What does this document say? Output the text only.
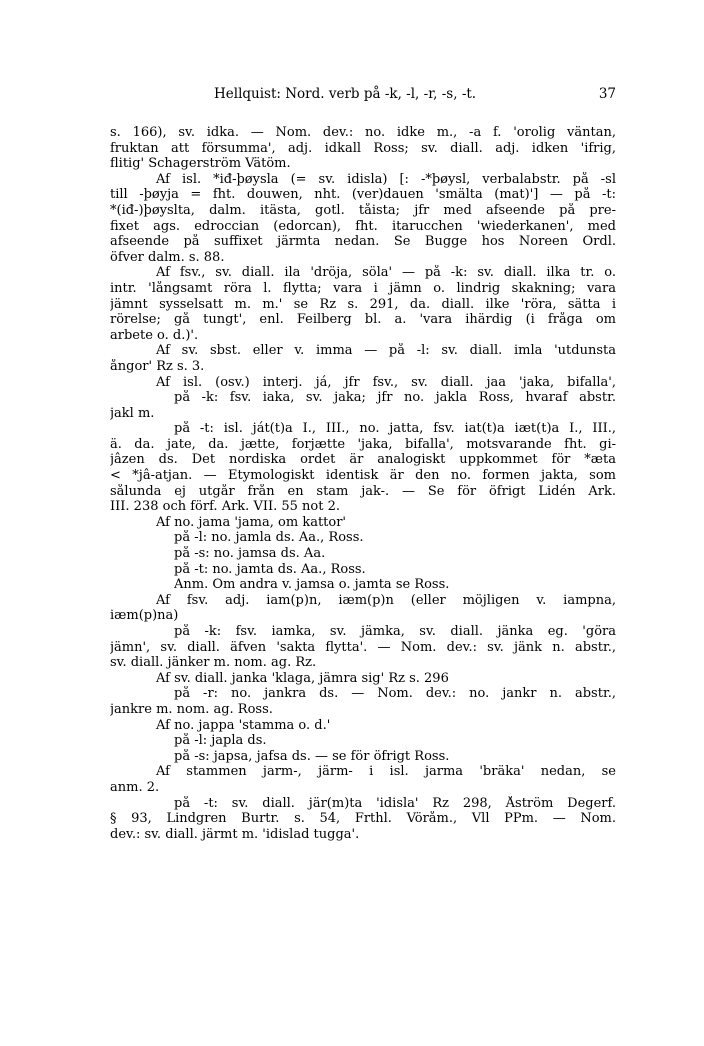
Hellquist: Nord. verb på -k, -l, -r, -s, -t.	37
s. 166), sv. idka. — Nom. dev.: no. idke m., -a f. 'orolig väntan,
fruktan att försumma', adj. idkall Ross; sv. diall. adj. idken 'ifrig,
flitig' Schagerström Vätöm.
Af isl. *iđ-þøysla (= sv. idisla) [: -*þøysl, verbalabstr. på -sl
till -þøyja = fht. douwen, nht. (ver)dauen 'smälta (mat)'] — på -t:
*(iđ-)þøyslta, dalm. itästa, gotl. tåista; jfr med afseende på pre-
fixet ags. edroccian (edorcan), fht. itarucchen 'wiederkanen', med
afseende på suffixet järmta nedan. Se Bugge hos Noreen Ordl.
öfver dalm. s. 88.
Af fsv., sv. diall. ila 'dröja, söla' — på -k: sv. diall. ilka tr. o.
intr. 'långsamt röra l. flytta; vara i jämn o. lindrig skakning; vara
jämnt sysselsatt m. m.' se Rz s. 291, da. diall. ilke 'röra, sätta i
rörelse; gå tungt', enl. Feilberg bl. a. 'vara ihärdig (i fråga om
arbete o. d.)'.
Af sv. sbst. eller v. imma — på -l: sv. diall. imla 'utdunsta
ångor' Rz s. 3.
Af isl. (osv.) interj. já, jfr fsv., sv. diall. jaa 'jaka, bifalla',
på -k: fsv. iaka, sv. jaka; jfr no. jakla Ross, hvaraf abstr.
jakl m.
på -t: isl. ját(t)a I., III., no. jatta, fsv. iat(t)a iæt(t)a I., III.,
ä. da. jate, da. jætte, forjætte 'jaka, bifalla', motsvarande fht. gi-
jâzen ds. Det nordiska ordet är analogiskt uppkommet för *æta
< *jâ-atjan. — Etymologiskt identisk är den no. formen jakta, som
sålunda ej utgår från en stam jak-. — Se för öfrigt Lidén Ark.
III. 238 och förf. Ark. VII. 55 not 2.
Af no. jama 'jama, om kattor'
på -l: no. jamla ds. Aa., Ross.
på -s: no. jamsa ds. Aa.
på -t: no. jamta ds. Aa., Ross.
Anm. Om andra v. jamsa o. jamta se Ross.
Af fsv. adj. iam(p)n, iæm(p)n (eller möjligen v. iampna,
iæm(p)na)
på -k: fsv. iamka, sv. jämka, sv. diall. jänka eg. 'göra
jämn', sv. diall. äfven 'sakta flytta'. — Nom. dev.: sv. jänk n. abstr.,
sv. diall. jänker m. nom. ag. Rz.
Af sv. diall. janka 'klaga, jämra sig' Rz s. 296
på -r: no. jankra ds. — Nom. dev.: no. jankr n. abstr.,
jankre m. nom. ag. Ross.
Af no. jappa 'stamma o. d.'
på -l: japla ds.
på -s: japsa, jafsa ds. — se för öfrigt Ross.
Af stammen jarm-, järm- i isl. jarma 'bräka' nedan, se
anm. 2.
på -t: sv. diall. jär(m)ta 'idisla' Rz 298, Åström Degerf.
§ 93, Lindgren Burtr. s. 54, Frthl. Vöråm., Vll PPm. — Nom.
dev.: sv. diall. järmt m. 'idislad tugga'.
